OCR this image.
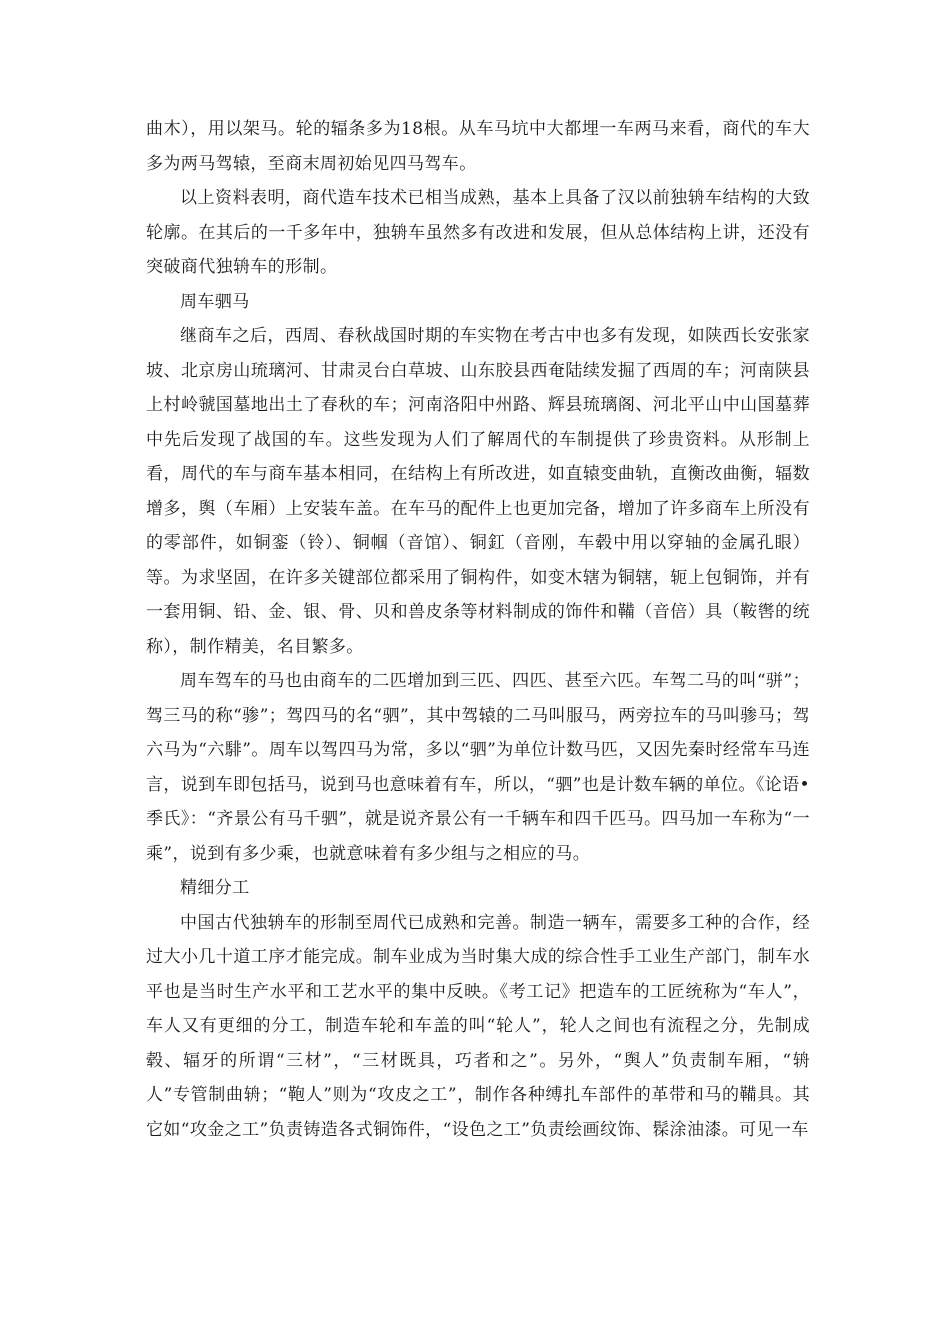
曲木），用以架马。轮的辐条多为18根。从车马坑中大都埋一车两马来看，商代的车大多为两马驾辕，至商末周初始见四马驾车。

以上资料表明，商代造车技术已相当成熟，基本上具备了汉以前独辀车结构的大致轮廓。在其后的一千多年中，独辀车虽然多有改进和发展，但从总体结构上讲，还没有突破商代独辀车的形制。

周车驷马

继商车之后，西周、春秋战国时期的车实物在考古中也多有发现，如陕西长安张家坡、北京房山琉璃河、甘肃灵台白草坡、山东胶县西奄陆续发掘了西周的车；河南陕县上村岭虢国墓地出土了春秋的车；河南洛阳中州路、辉县琉璃阁、河北平山中山国墓葬中先后发现了战国的车。这些发现为人们了解周代的车制提供了珍贵资料。从形制上看，周代的车与商车基本相同，在结构上有所改进，如直辕变曲轨，直衡改曲衡，辐数增多，舆（车厢）上安装车盖。在车马的配件上也更加完备，增加了许多商车上所没有的零部件，如铜銮（铃）、铜帼（音馆）、铜釭（音刚，车毂中用以穿轴的金属孔眼）等。为求坚固，在许多关键部位都采用了铜构件，如变木辖为铜辖，轭上包铜饰，并有一套用铜、铅、金、银、骨、贝和兽皮条等材料制成的饰件和鞴（音倍）具（鞍辔的统称），制作精美，名目繁多。

周车驾车的马也由商车的二匹增加到三匹、四匹、甚至六匹。车驾二马的叫“骈”；驾三马的称“骖”；驾四马的名“驷”，其中驾辕的二马叫服马，两旁拉车的马叫骖马；驾六马为“六騑”。周车以驾四马为常，多以“驷”为单位计数马匹，又因先秦时经常车马连言，说到车即包括马，说到马也意味着有车，所以，“驷”也是计数车辆的单位。《论语•季氏》：“齐景公有马千驷”，就是说齐景公有一千辆车和四千匹马。四马加一车称为“一乘”，说到有多少乘，也就意味着有多少组与之相应的马。

精细分工

中国古代独辀车的形制至周代已成熟和完善。制造一辆车，需要多工种的合作，经过大小几十道工序才能完成。制车业成为当时集大成的综合性手工业生产部门，制车水平也是当时生产水平和工艺水平的集中反映。《考工记》把造车的工匠统称为“车人”，车人又有更细的分工，制造车轮和车盖的叫“轮人”，轮人之间也有流程之分，先制成毂、辐牙的所谓“三材”，“三材既具，巧者和之”。另外，“舆人”负责制车厢，“辀人”专管制曲辀；“鞄人”则为“攻皮之工”，制作各种缚扎车部件的革带和马的鞴具。其它如“攻金之工”负责铸造各式铜饰件，“设色之工”负责绘画纹饰、髹涂油漆。可见一车
